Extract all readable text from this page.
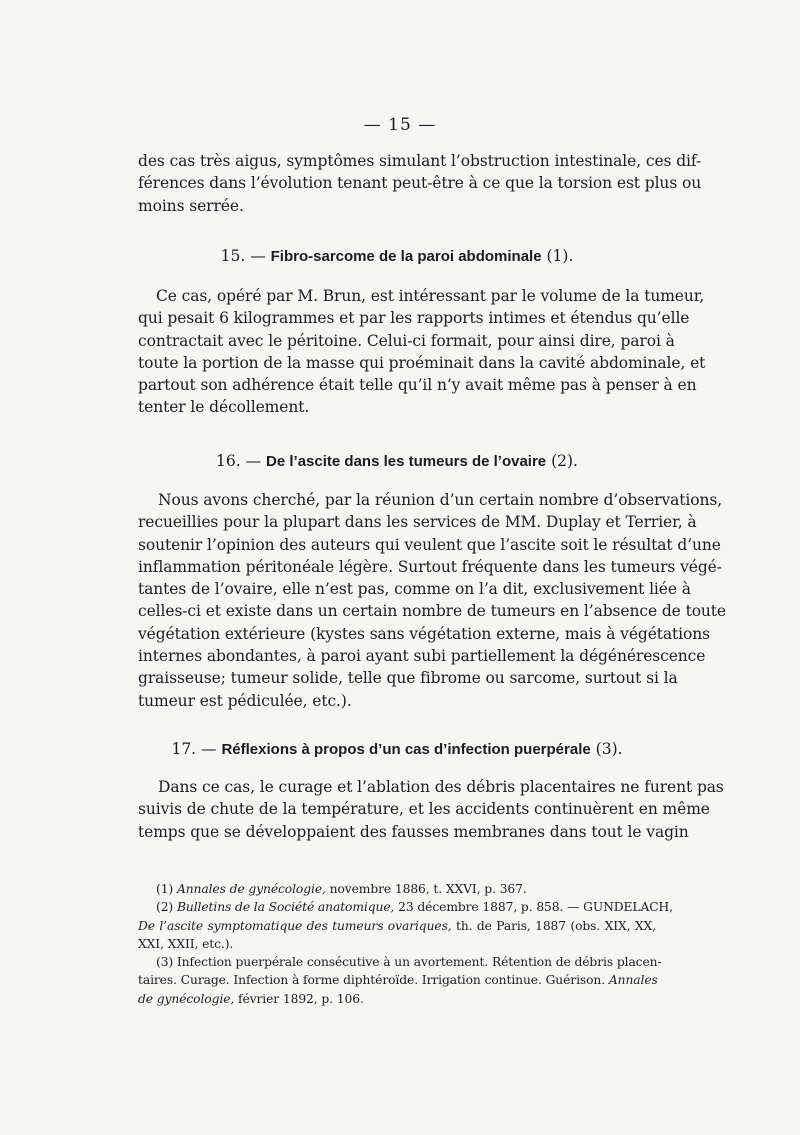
— 15 —
des cas très aigus, symptômes simulant l’obstruction intestinale, ces dif-
férences dans l’évolution tenant peut-être à ce que la torsion est plus ou
moins serrée.
15. — Fibro-sarcome de la paroi abdominale (1).
Ce cas, opéré par M. Brun, est intéressant par le volume de la tumeur,
qui pesait 6 kilogrammes et par les rapports intimes et étendus qu’elle
contractait avec le péritoine. Celui-ci formait, pour ainsi dire, paroi à
toute la portion de la masse qui proéminait dans la cavité abdominale, et
partout son adhérence était telle qu’il n’y avait même pas à penser à en
tenter le décollement.
16. — De l’ascite dans les tumeurs de l’ovaire (2).
Nous avons cherché, par la réunion d’un certain nombre d’observations,
recueillies pour la plupart dans les services de MM. Duplay et Terrier, à
soutenir l’opinion des auteurs qui veulent que l’ascite soit le résultat d’une
inflammation péritonéale légère. Surtout fréquente dans les tumeurs végé-
tantes de l’ovaire, elle n’est pas, comme on l’a dit, exclusivement liée à
celles-ci et existe dans un certain nombre de tumeurs en l’absence de toute
végétation extérieure (kystes sans végétation externe, mais à végétations
internes abondantes, à paroi ayant subi partiellement la dégénérescence
graisseuse; tumeur solide, telle que fibrome ou sarcome, surtout si la
tumeur est pédiculée, etc.).
17. — Réflexions à propos d’un cas d’infection puerpérale (3).
Dans ce cas, le curage et l’ablation des débris placentaires ne furent pas
suivis de chute de la température, et les accidents continuèrent en même
temps que se développaient des fausses membranes dans tout le vagin
(1) Annales de gynécologie, novembre 1886, t. XXVI, p. 367.
(2) Bulletins de la Société anatomique, 23 décembre 1887, p. 858. — GUNDELACH,
De l’ascite symptomatique des tumeurs ovariques, th. de Paris, 1887 (obs. XIX, XX,
XXI, XXII, etc.).
(3) Infection puerpérale consécutive à un avortement. Rétention de débris placen-
taires. Curage. Infection à forme diphtéroïde. Irrigation continue. Guérison. Annales
de gynécologie, février 1892, p. 106.
